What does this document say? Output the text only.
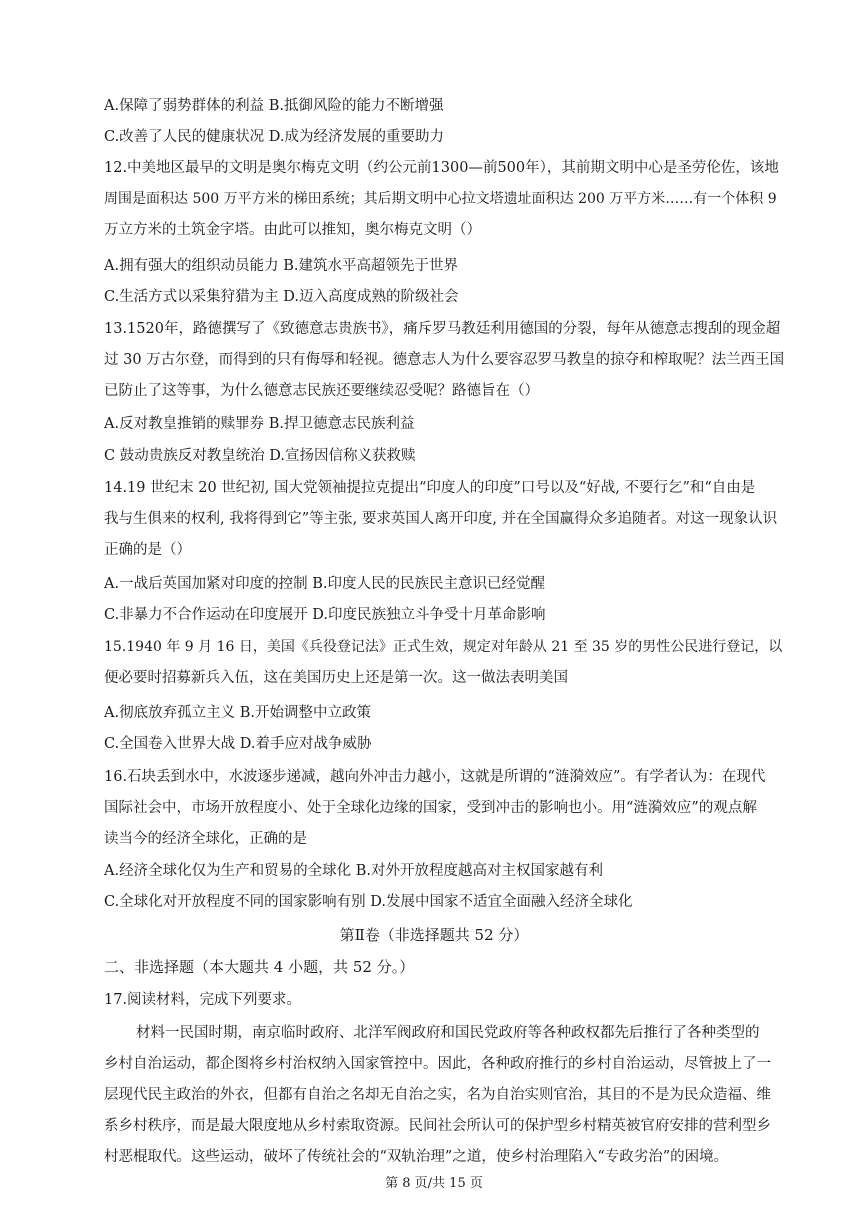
A.保障了弱势群体的利益 B.抵御风险的能力不断增强
C.改善了人民的健康状况 D.成为经济发展的重要助力
12.中美地区最早的文明是奥尔梅克文明（约公元前1300—前500年），其前期文明中心是圣劳伦佐，该地
周围是面积达 500 万平方米的梯田系统；其后期文明中心拉文塔遗址面积达 200 万平方米……有一个体积 9
万立方米的土筑金字塔。由此可以推知，奥尔梅克文明（）
A.拥有强大的组织动员能力 B.建筑水平高超领先于世界
C.生活方式以采集狩猎为主 D.迈入高度成熟的阶级社会
13.1520年，路德撰写了《致德意志贵族书》，痛斥罗马教廷利用德国的分裂，每年从德意志搜刮的现金超
过 30 万古尔登，而得到的只有侮辱和轻视。德意志人为什么要容忍罗马教皇的掠夺和榨取呢？法兰西王国
已防止了这等事，为什么德意志民族还要继续忍受呢？路德旨在（）
A.反对教皇推销的赎罪券 B.捍卫德意志民族利益
C 鼓动贵族反对教皇统治 D.宣扬因信称义获救赎
14.19 世纪末 20 世纪初, 国大党领袖提拉克提出“印度人的印度”口号以及“好战, 不要行乞”和“自由是
我与生俱来的权利, 我将得到它”等主张, 要求英国人离开印度, 并在全国赢得众多追随者。对这一现象认识
正确的是（）
A.一战后英国加紧对印度的控制 B.印度人民的民族民主意识已经觉醒
C.非暴力不合作运动在印度展开 D.印度民族独立斗争受十月革命影响
15.1940 年 9 月 16 日，美国《兵役登记法》正式生效，规定对年龄从 21 至 35 岁的男性公民进行登记，以
便必要时招募新兵入伍，这在美国历史上还是第一次。这一做法表明美国
A.彻底放弃孤立主义 B.开始调整中立政策
C.全国卷入世界大战 D.着手应对战争威胁
16.石块丢到水中，水波逐步递减，越向外冲击力越小，这就是所谓的“涟漪效应”。有学者认为：在现代
国际社会中，市场开放程度小、处于全球化边缘的国家，受到冲击的影响也小。用“涟漪效应”的观点解
读当今的经济全球化，正确的是
A.经济全球化仅为生产和贸易的全球化 B.对外开放程度越高对主权国家越有利
C.全球化对开放程度不同的国家影响有别 D.发展中国家不适宜全面融入经济全球化
第Ⅱ卷（非选择题共 52 分）
二、非选择题（本大题共 4 小题，共 52 分。）
17.阅读材料，完成下列要求。
材料一民国时期，南京临时政府、北洋军阀政府和国民党政府等各种政权都先后推行了各种类型的
乡村自治运动，都企图将乡村治权纳入国家管控中。因此，各种政府推行的乡村自治运动，尽管披上了一
层现代民主政治的外衣，但都有自治之名却无自治之实，名为自治实则官治，其目的不是为民众造福、维
系乡村秩序，而是最大限度地从乡村索取资源。民间社会所认可的保护型乡村精英被官府安排的营利型乡
村恶棍取代。这些运动，破坏了传统社会的“双轨治理”之道，使乡村治理陷入“专政劣治”的困境。
第 8 页/共 15 页
